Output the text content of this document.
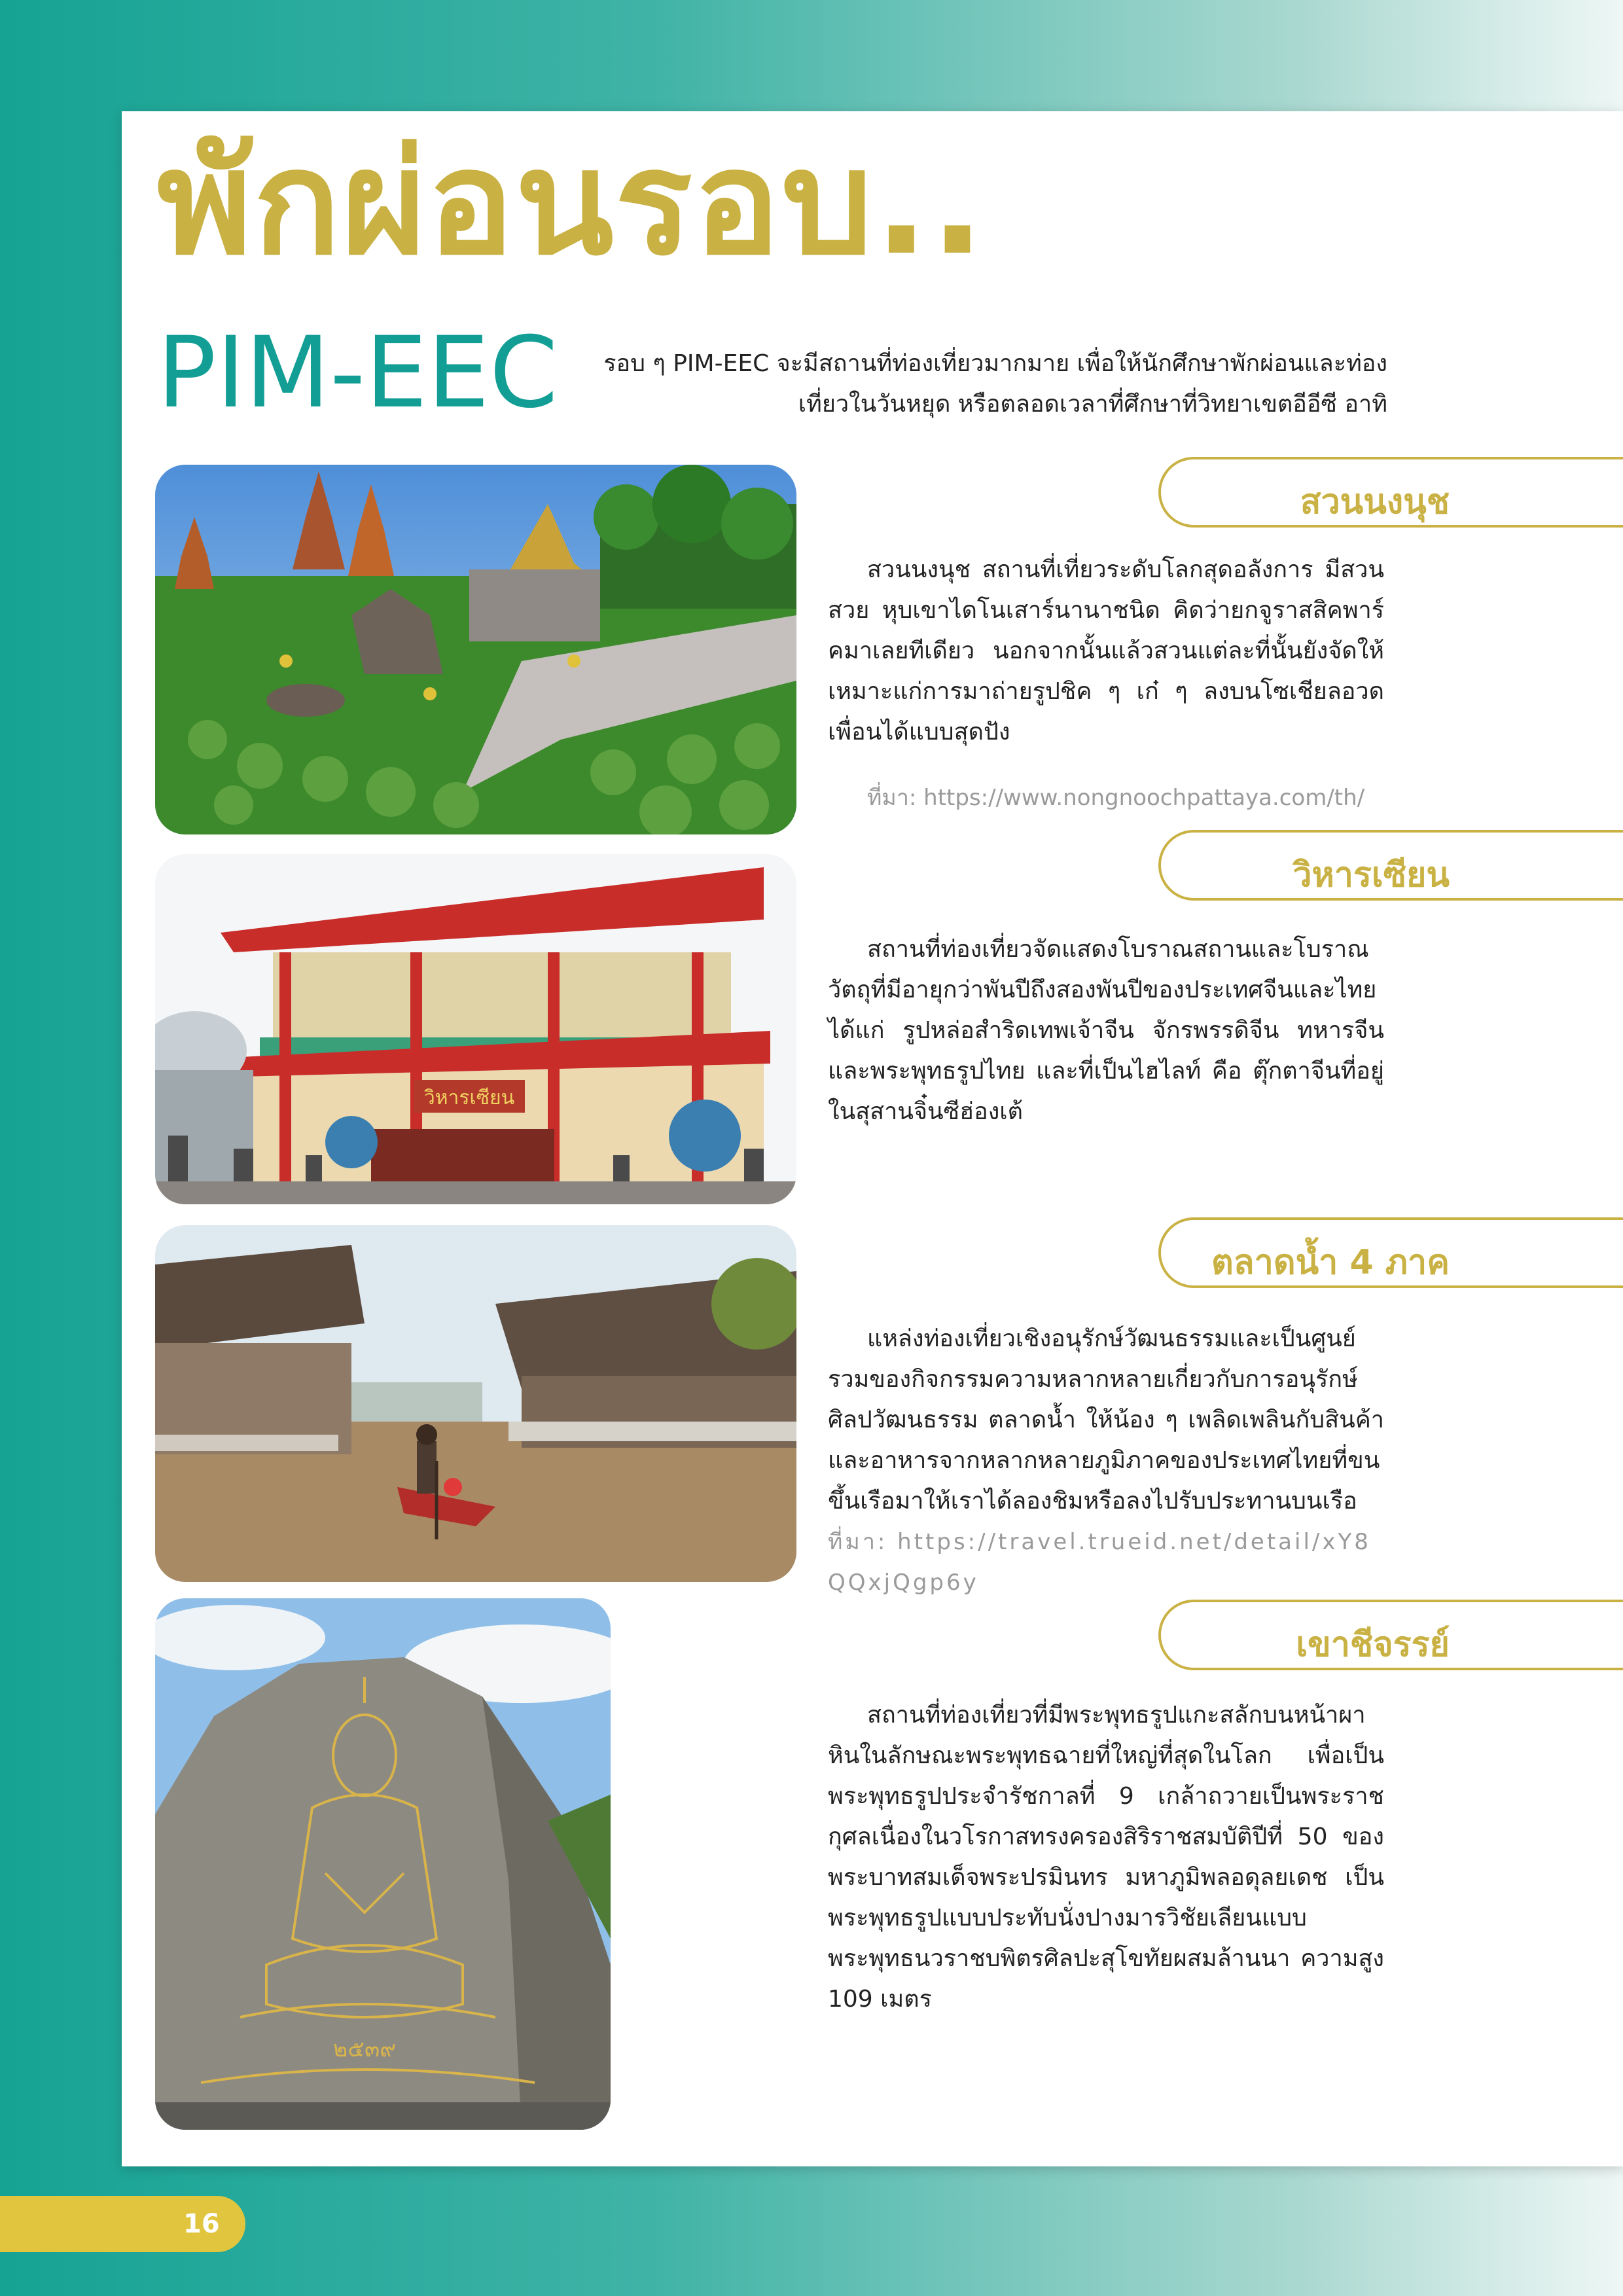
พักผ่อนรอบ..
PIM-EEC	รอบ ๆ PIM-EEC จะมีสถานที่ท่องเที่ยวมากมาย เพื่อให้นักศึกษาพักผ่อนและท่องเที่ยวในวันหยุด หรือตลอดเวลาที่ศึกษาที่วิทยาเขตอีอีซี อาทิ
วิหารเซียน
๒๕๓๙
สวนนงนุช

สวนนงนุช สถานที่เที่ยวระดับโลกสุดอลังการ มีสวนสวย หุบเขาไดโนเสาร์นานาชนิด คิดว่ายกจูราสสิคพาร์คมาเลยทีเดียว นอกจากนั้นแล้วสวนแต่ละที่นั้นยังจัดให้เหมาะแก่การมาถ่ายรูปชิค ๆ เก๋ ๆ ลงบนโซเชียลอวดเพื่อนได้แบบสุดปัง

ที่มา: https://www.nongnoochpattaya.com/th/
วิหารเซียน

สถานที่ท่องเที่ยวจัดแสดงโบราณสถานและโบราณวัตถุที่มีอายุกว่าพันปีถึงสองพันปีของประเทศจีนและไทย ได้แก่ รูปหล่อสำริดเทพเจ้าจีน จักรพรรดิจีน ทหารจีน และพระพุทธรูปไทย และที่เป็นไฮไลท์ คือ ตุ๊กตาจีนที่อยู่ในสุสานจิ๋นซีฮ่องเต้

ตลาดน้ำ 4 ภาค

แหล่งท่องเที่ยวเชิงอนุรักษ์วัฒนธรรมและเป็นศูนย์รวมของกิจกรรมความหลากหลายเกี่ยวกับการอนุรักษ์ศิลปวัฒนธรรม ตลาดน้ำ ให้น้อง ๆ เพลิดเพลินกับสินค้าและอาหารจากหลากหลายภูมิภาคของประเทศไทยที่ขนขึ้นเรือมาให้เราได้ลองชิมหรือลงไปรับประทานบนเรือ

ที่มา: https://travel.trueid.net/detail/xY8QQxjQgp6y
เขาชีจรรย์

สถานที่ท่องเที่ยวที่มีพระพุทธรูปแกะสลักบนหน้าผาหินในลักษณะพระพุทธฉายที่ใหญ่ที่สุดในโลก เพื่อเป็นพระพุทธรูปประจำรัชกาลที่ 9 เกล้าถวายเป็นพระราชกุศลเนื่องในวโรกาสทรงครองสิริราชสมบัติปีที่ 50 ของพระบาทสมเด็จพระปรมินทร มหาภูมิพลอดุลยเดช เป็นพระพุทธรูปแบบประทับนั่งปางมารวิชัยเลียนแบบพระพุทธนวราชบพิตรศิลปะสุโขทัยผสมล้านนา ความสูง 109 เมตร

16
